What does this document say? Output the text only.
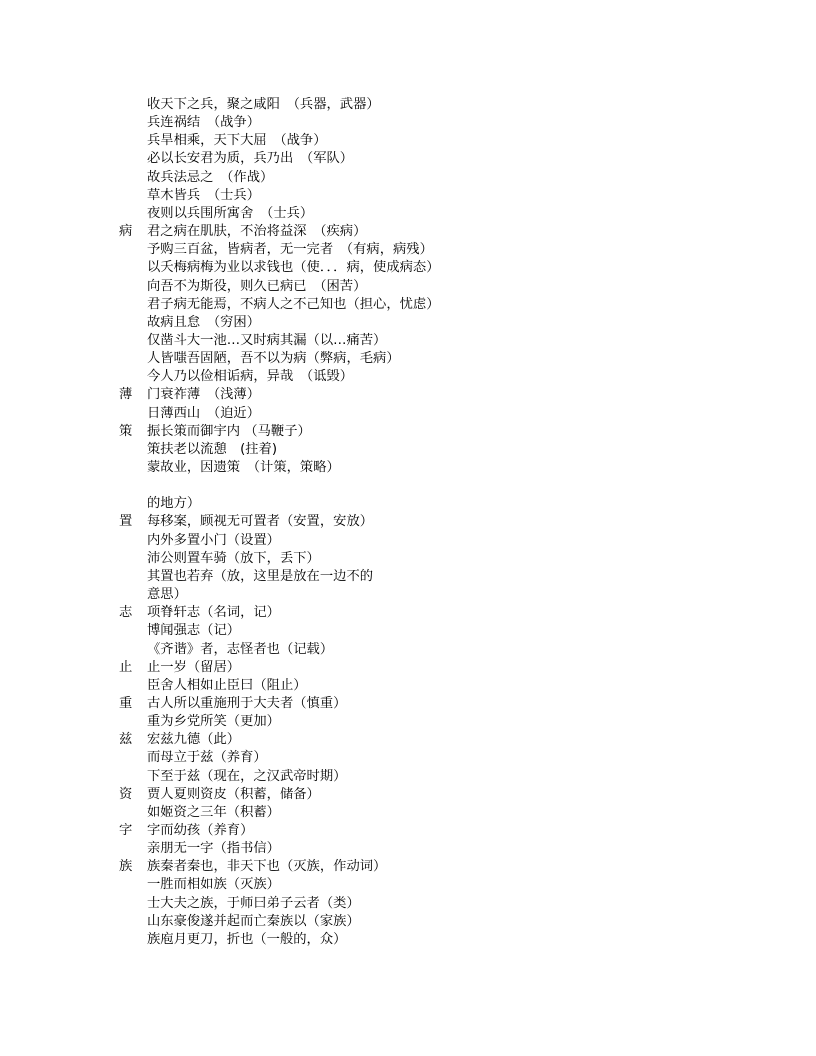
收天下之兵，聚之咸阳　（兵器，武器）
兵连祸结　（战争）
兵旱相乘，天下大屈　（战争）
必以长安君为质，兵乃出　（军队）
故兵法忌之　（作战）
草木皆兵　（士兵）
夜则以兵围所寓舍　（士兵）
病 君之病在肌肤，不治将益深　（疾病）
予购三百盆，皆病者，无一完者　（有病，病残）
以夭梅病梅为业以求钱也（使．．．病，使成病态）
向吾不为斯役，则久已病已　（困苦）
君子病无能焉，不病人之不己知也（担心，忧虑）
故病且怠　（穷困）
仅凿斗大一池…又时病其漏（以…痛苦）
人皆嗤吾固陋，吾不以为病（弊病，毛病）
今人乃以俭相诟病，异哉　（诋毁）
薄 门衰祚薄　（浅薄）
日薄西山　（迫近）
策 振长策而御宇内 （马鞭子）
策扶老以流憩　(拄着)
蒙故业，因遗策　（计策，策略）
的地方）
置 每移案，顾视无可置者（安置，安放）
内外多置小门（设置）
沛公则置车骑（放下，丢下）
其置也若弃（放，这里是放在一边不的
意思）
志 项脊轩志（名词，记）
博闻强志（记）
《齐谐》者，志怪者也（记载）
止 止一岁（留居）
臣舍人相如止臣曰（阻止）
重 古人所以重施刑于大夫者（慎重）
重为乡党所笑（更加）
兹 宏兹九德（此）
而母立于兹（养育）
下至于兹（现在，之汉武帝时期）
资 贾人夏则资皮（积蓄，储备）
如姬资之三年（积蓄）
字 字而幼孩（养育）
亲朋无一字（指书信）
族 族秦者秦也，非天下也（灭族，作动词）
一胜而相如族（灭族）
士大夫之族，于师曰弟子云者（类）
山东豪俊遂并起而亡秦族以（家族）
族庖月更刀，折也（一般的，众）
